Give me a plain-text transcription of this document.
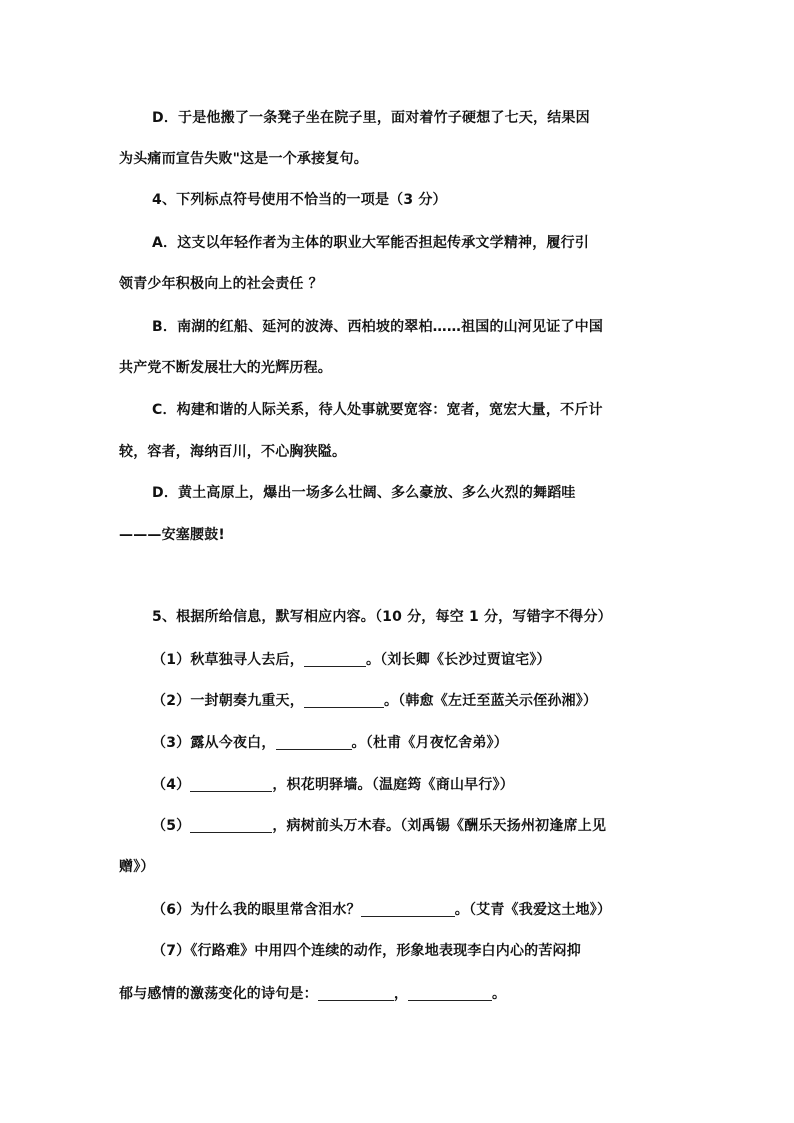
D．于是他搬了一条凳子坐在院子里，面对着竹子硬想了七天，结果因
为头痛而宣告失败"这是一个承接复句。
4、下列标点符号使用不恰当的一项是（3 分）
A．这支以年轻作者为主体的职业大军能否担起传承文学精神，履行引
领青少年积极向上的社会责任 ？
B．南湖的红船、延河的波涛、西柏坡的翠柏……祖国的山河见证了中国
共产党不断发展壮大的光辉历程。
C．构建和谐的人际关系，待人处事就要宽容：宽者，宽宏大量，不斤计
较，容者，海纳百川，不心胸狭隘。
D．黄土高原上，爆出一场多么壮阔、多么豪放、多么火烈的舞蹈哇
———安塞腰鼓!
5、根据所给信息，默写相应内容。（10 分，每空 1 分，写错字不得分）
（1）秋草独寻人去后，	。（刘长卿《长沙过贾谊宅》）
（2）一封朝奏九重天，	。（韩愈《左迁至蓝关示侄孙湘》）
（3）露从今夜白，	。（杜甫《月夜忆舍弟》）
（4）	，枳花明驿墙。（温庭筠《商山早行》）
（5）	，病树前头万木春。（刘禹锡《酬乐天扬州初逢席上见
赠》）
（6）为什么我的眼里常含泪水？	。（艾青《我爱这土地》）
（7）《行路难》中用四个连续的动作，形象地表现李白内心的苦闷抑
郁与感情的激荡变化的诗句是：	，	。
